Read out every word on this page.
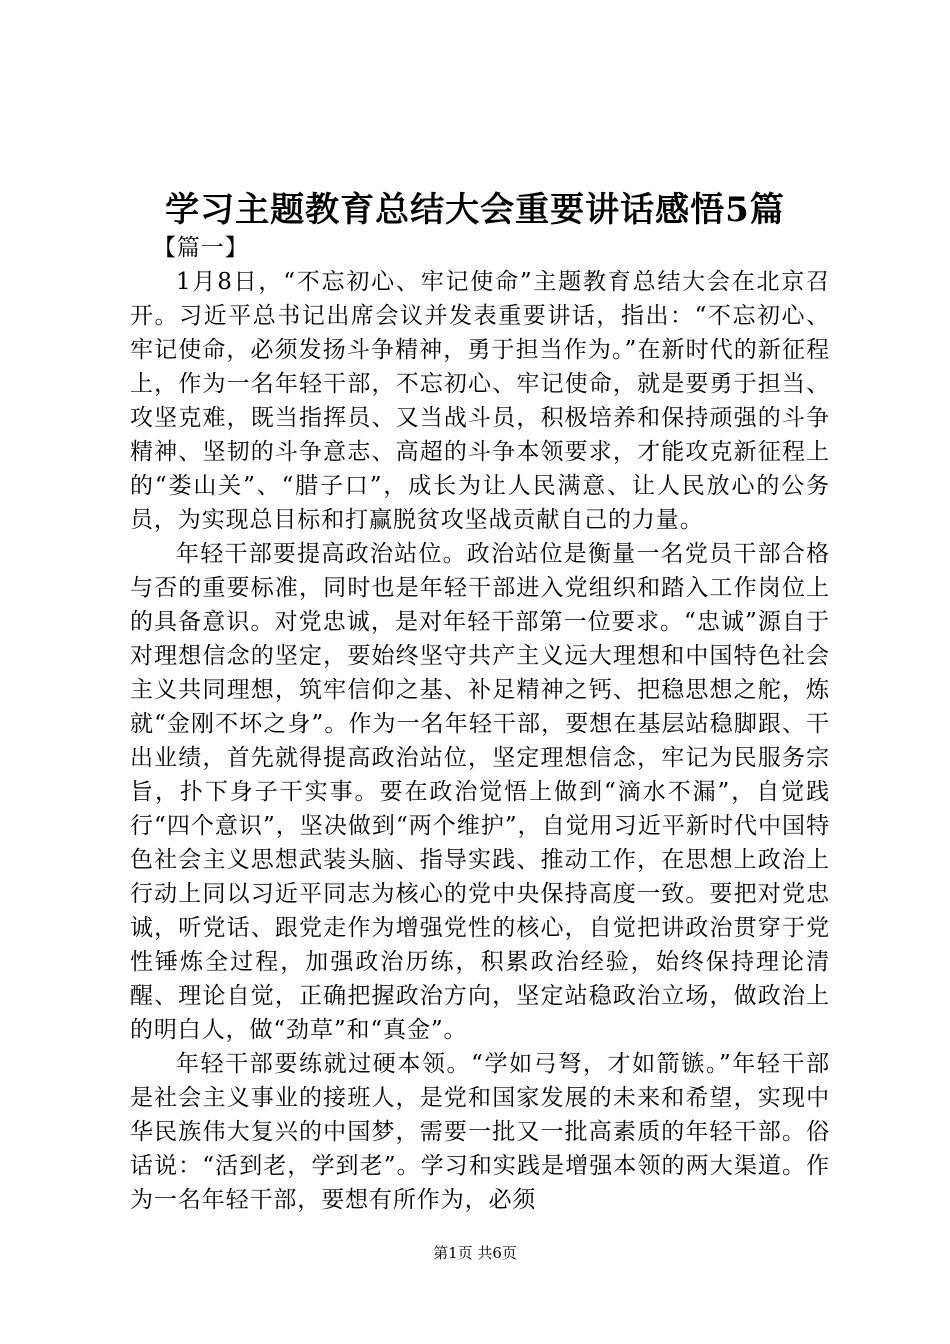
学习主题教育总结大会重要讲话感悟5篇

【篇一】

1月8日，“不忘初心、牢记使命”主题教育总结大会在北京召开。习近平总书记出席会议并发表重要讲话，指出：“不忘初心、牢记使命，必须发扬斗争精神，勇于担当作为。”在新时代的新征程上，作为一名年轻干部，不忘初心、牢记使命，就是要勇于担当、攻坚克难，既当指挥员、又当战斗员，积极培养和保持顽强的斗争精神、坚韧的斗争意志、高超的斗争本领要求，才能攻克新征程上的“娄山关”、“腊子口”，成长为让人民满意、让人民放心的公务员，为实现总目标和打赢脱贫攻坚战贡献自己的力量。

年轻干部要提高政治站位。政治站位是衡量一名党员干部合格与否的重要标准，同时也是年轻干部进入党组织和踏入工作岗位上的具备意识。对党忠诚，是对年轻干部第一位要求。“忠诚”源自于对理想信念的坚定，要始终坚守共产主义远大理想和中国特色社会主义共同理想，筑牢信仰之基、补足精神之钙、把稳思想之舵，炼就“金刚不坏之身”。作为一名年轻干部，要想在基层站稳脚跟、干出业绩，首先就得提高政治站位，坚定理想信念，牢记为民服务宗旨，扑下身子干实事。要在政治觉悟上做到“滴水不漏”，自觉践行“四个意识”，坚决做到“两个维护”，自觉用习近平新时代中国特色社会主义思想武装头脑、指导实践、推动工作，在思想上政治上行动上同以习近平同志为核心的党中央保持高度一致。要把对党忠诚，听党话、跟党走作为增强党性的核心，自觉把讲政治贯穿于党性锤炼全过程，加强政治历练，积累政治经验，始终保持理论清醒、理论自觉，正确把握政治方向，坚定站稳政治立场，做政治上的明白人，做“劲草”和“真金”。

年轻干部要练就过硬本领。“学如弓弩，才如箭镞。”年轻干部是社会主义事业的接班人，是党和国家发展的未来和希望，实现中华民族伟大复兴的中国梦，需要一批又一批高素质的年轻干部。俗话说：“活到老，学到老”。学习和实践是增强本领的两大渠道。作为一名年轻干部，要想有所作为，必须

第1页 共6页
